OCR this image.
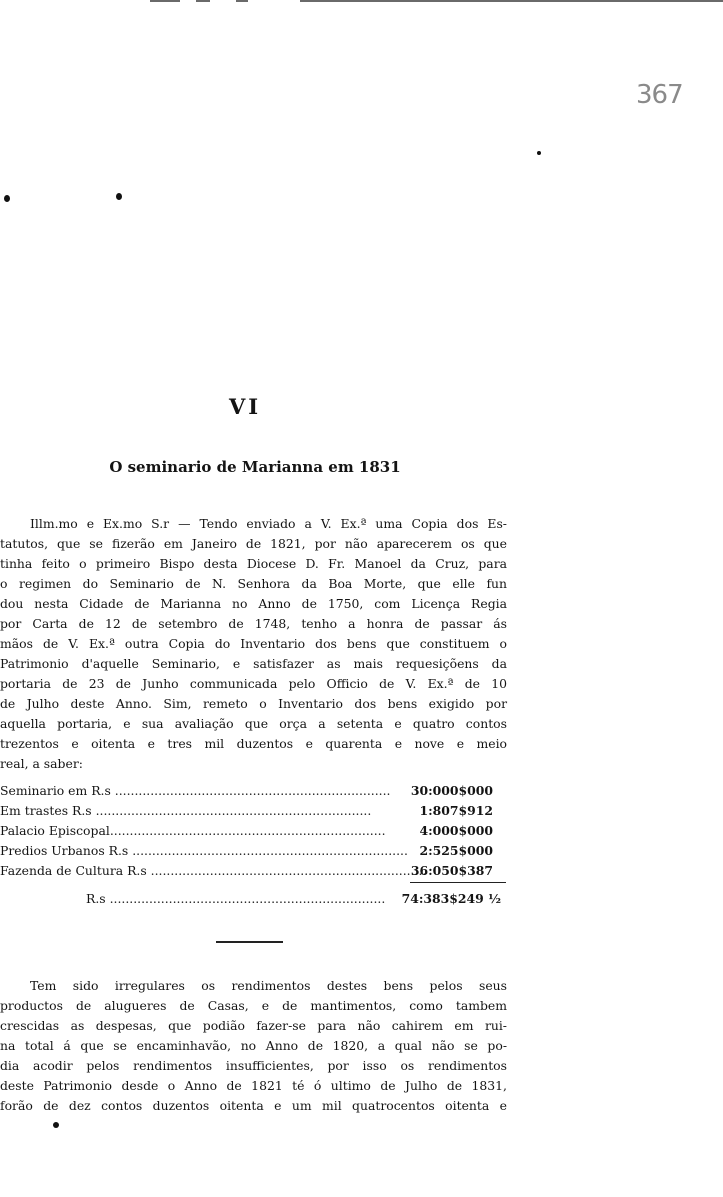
367
VI
O seminario de Marianna em 1831
Illm.mo e Ex.mo S.r — Tendo enviado a V. Ex.ª uma Copia dos Es-
tatutos, que se fizerão em Janeiro de 1821, por não aparecerem os que
tinha feito o primeiro Bispo desta Diocese D. Fr. Manoel da Cruz, para
o regimen do Seminario de N. Senhora da Boa Morte, que elle fun
dou nesta Cidade de Marianna no Anno de 1750, com Licença Regia
por Carta de 12 de setembro de 1748, tenho a honra de passar ás
mãos de V. Ex.ª outra Copia do Inventario dos bens que constituem o
Patrimonio d'aquelle Seminario, e satisfazer as mais requesiçõens da
portaria de 23 de Junho communicada pelo Officio de V. Ex.ª de 10
de Julho deste Anno. Sim, remeto o Inventario dos bens exigido por
aquella portaria, e sua avaliação que orça a setenta e quatro contos
trezentos e oitenta e tres mil duzentos e quarenta e nove e meio
real, a saber:
Seminario em R.s ...................................................................... 30:000$000
Em trastes R.s ......................................................................	1:807$912
Palacio Episcopal......................................................................	4:000$000
Predios Urbanos R.s ...................................................................... 2:525$000
Fazenda de Cultura R.s ......................................................................
36:050$387
R.s ...................................................................... 74:383$249 ½
Tem sido irregulares os rendimentos destes bens pelos seus
productos de alugueres de Casas, e de mantimentos, como tambem
crescidas as despesas, que podião fazer-se para não cahirem em rui-
na total á que se encaminhavão, no Anno de 1820, a qual não se po-
dia acodir pelos rendimentos insufficientes, por isso os rendimentos
deste Patrimonio desde o Anno de 1821 té ó ultimo de Julho de 1831,
forão de dez contos duzentos oitenta e um mil quatrocentos oitenta e
